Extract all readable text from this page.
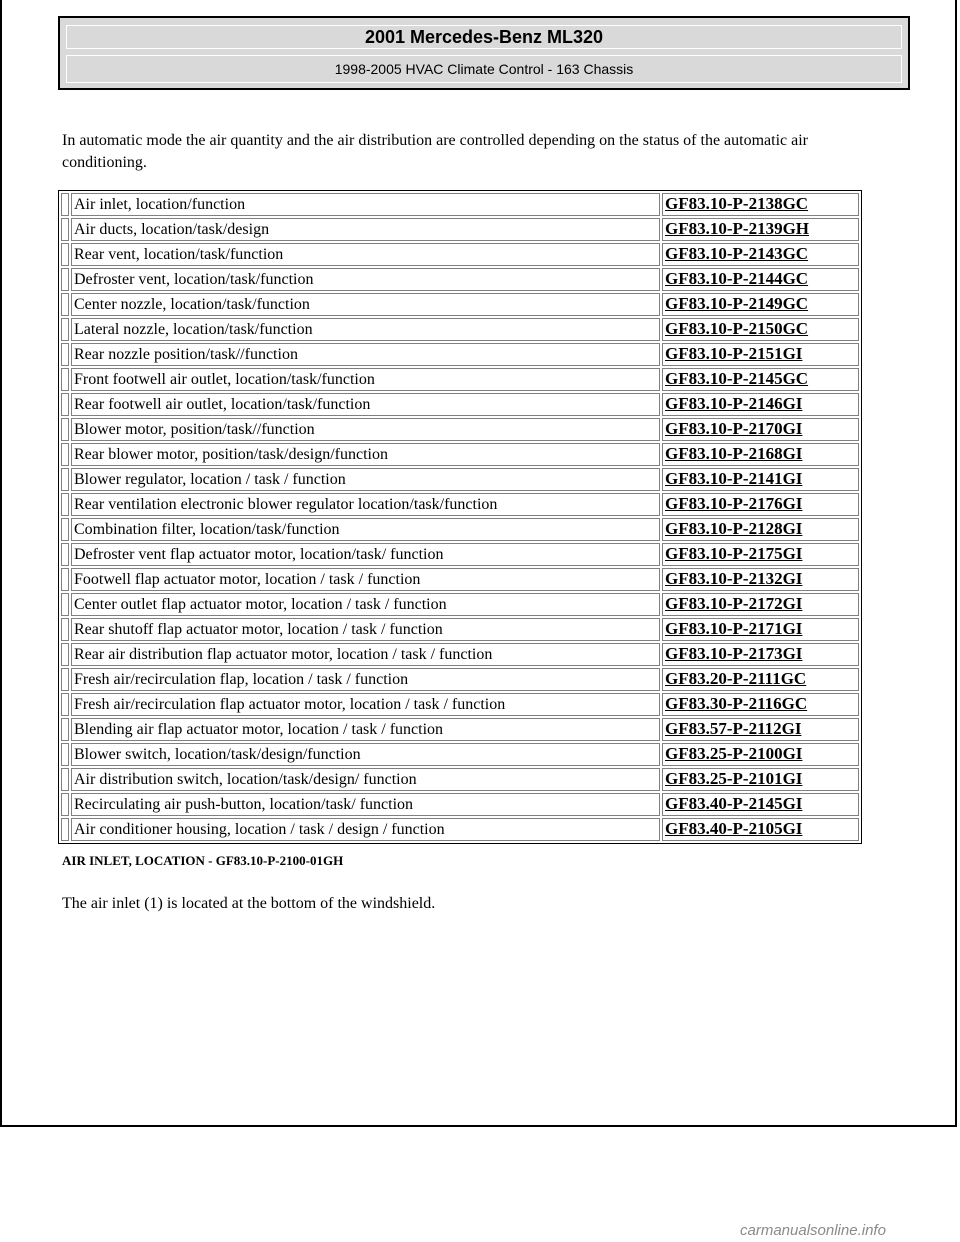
2001 Mercedes-Benz ML320
1998-2005 HVAC Climate Control - 163 Chassis

In automatic mode the air quantity and the air distribution are controlled depending on the status of the automatic air conditioning.

	Air inlet, location/function	GF83.10-P-2138GC
	Air ducts, location/task/design	GF83.10-P-2139GH
	Rear vent, location/task/function	GF83.10-P-2143GC
	Defroster vent, location/task/function	GF83.10-P-2144GC
	Center nozzle, location/task/function	GF83.10-P-2149GC
	Lateral nozzle, location/task/function	GF83.10-P-2150GC
	Rear nozzle position/task//function	GF83.10-P-2151GI
	Front footwell air outlet, location/task/function	GF83.10-P-2145GC
	Rear footwell air outlet, location/task/function	GF83.10-P-2146GI
	Blower motor, position/task//function	GF83.10-P-2170GI
	Rear blower motor, position/task/design/function	GF83.10-P-2168GI
	Blower regulator, location / task / function	GF83.10-P-2141GI
	Rear ventilation electronic blower regulator location/task/function	GF83.10-P-2176GI
	Combination filter, location/task/function	GF83.10-P-2128GI
	Defroster vent flap actuator motor, location/task/ function	GF83.10-P-2175GI
	Footwell flap actuator motor, location / task / function	GF83.10-P-2132GI
	Center outlet flap actuator motor, location / task / function	GF83.10-P-2172GI
	Rear shutoff flap actuator motor, location / task / function	GF83.10-P-2171GI
	Rear air distribution flap actuator motor, location / task / function	GF83.10-P-2173GI
	Fresh air/recirculation flap, location / task / function	GF83.20-P-2111GC
	Fresh air/recirculation flap actuator motor, location / task / function	GF83.30-P-2116GC
	Blending air flap actuator motor, location / task / function	GF83.57-P-2112GI
	Blower switch, location/task/design/function	GF83.25-P-2100GI
	Air distribution switch, location/task/design/ function	GF83.25-P-2101GI
	Recirculating air push-button, location/task/ function	GF83.40-P-2145GI
	Air conditioner housing, location / task / design / function	GF83.40-P-2105GI
AIR INLET, LOCATION - GF83.10-P-2100-01GH
The air inlet (1) is located at the bottom of the windshield.
carmanualsonline.info
